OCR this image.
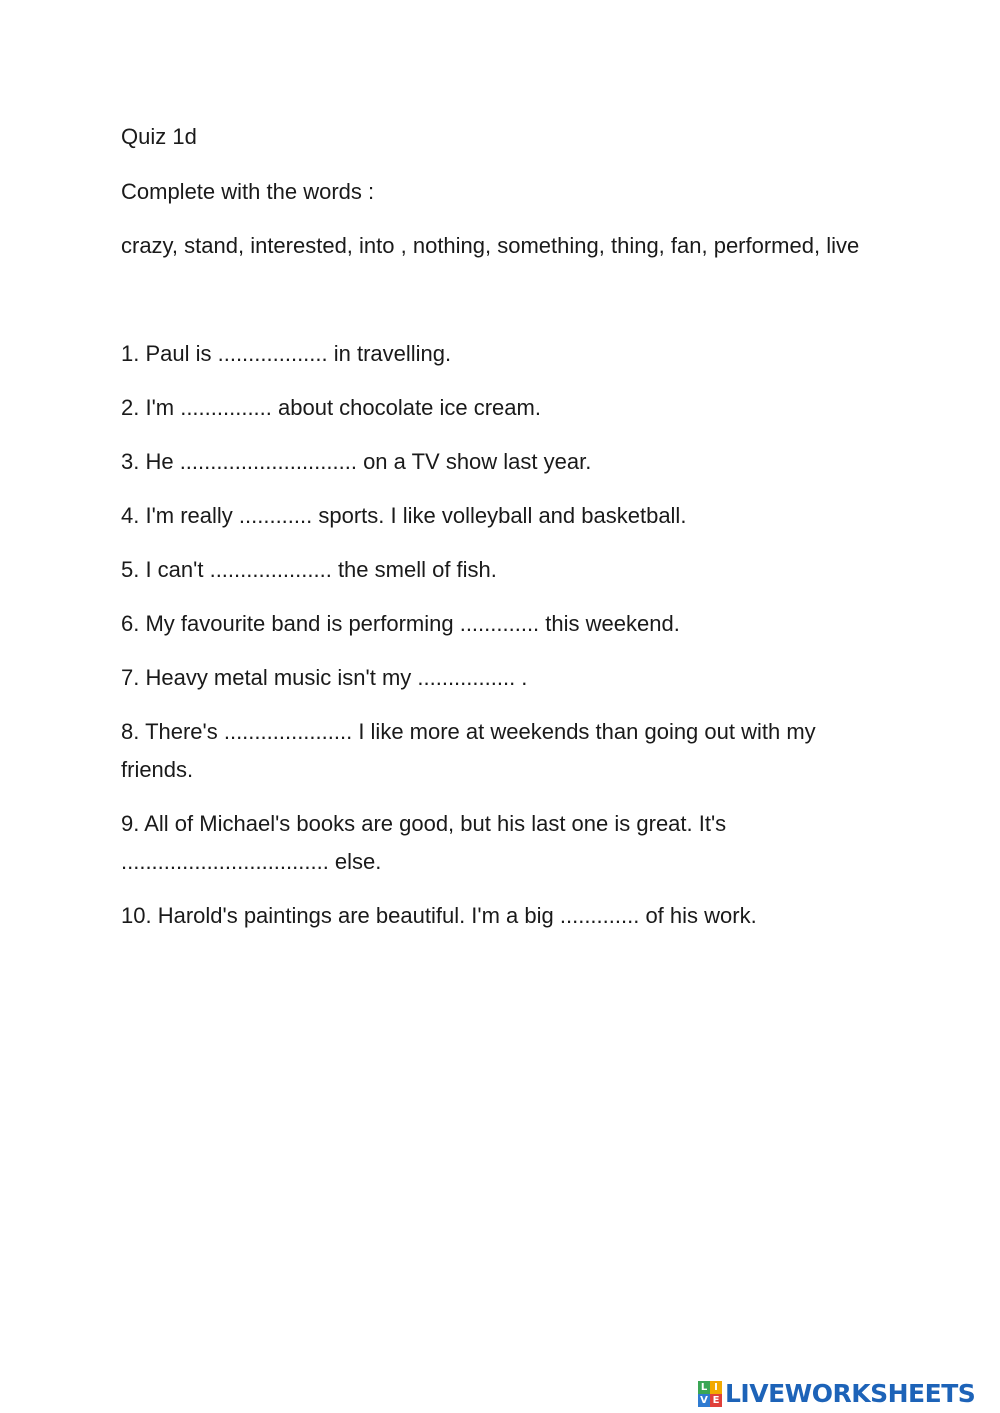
Quiz 1d

Complete with the words :

crazy, stand, interested, into , nothing, something, thing, fan, performed, live

1. Paul is .................. in travelling.

2. I'm ............... about chocolate ice cream.

3. He ............................. on a TV show last year.

4. I'm really ............ sports. I like volleyball and basketball.

5. I can't .................... the smell of fish.

6. My favourite band is performing ............. this weekend.

7. Heavy metal music isn't my ................ .

8. There's ..................... I like more at weekends than going out with my friends.

9. All of Michael's books are good, but his last one is great. It's .................................. else.

10. Harold's paintings are beautiful. I'm a big ............. of his work.

L I
V E LIVEWORKSHEETS
